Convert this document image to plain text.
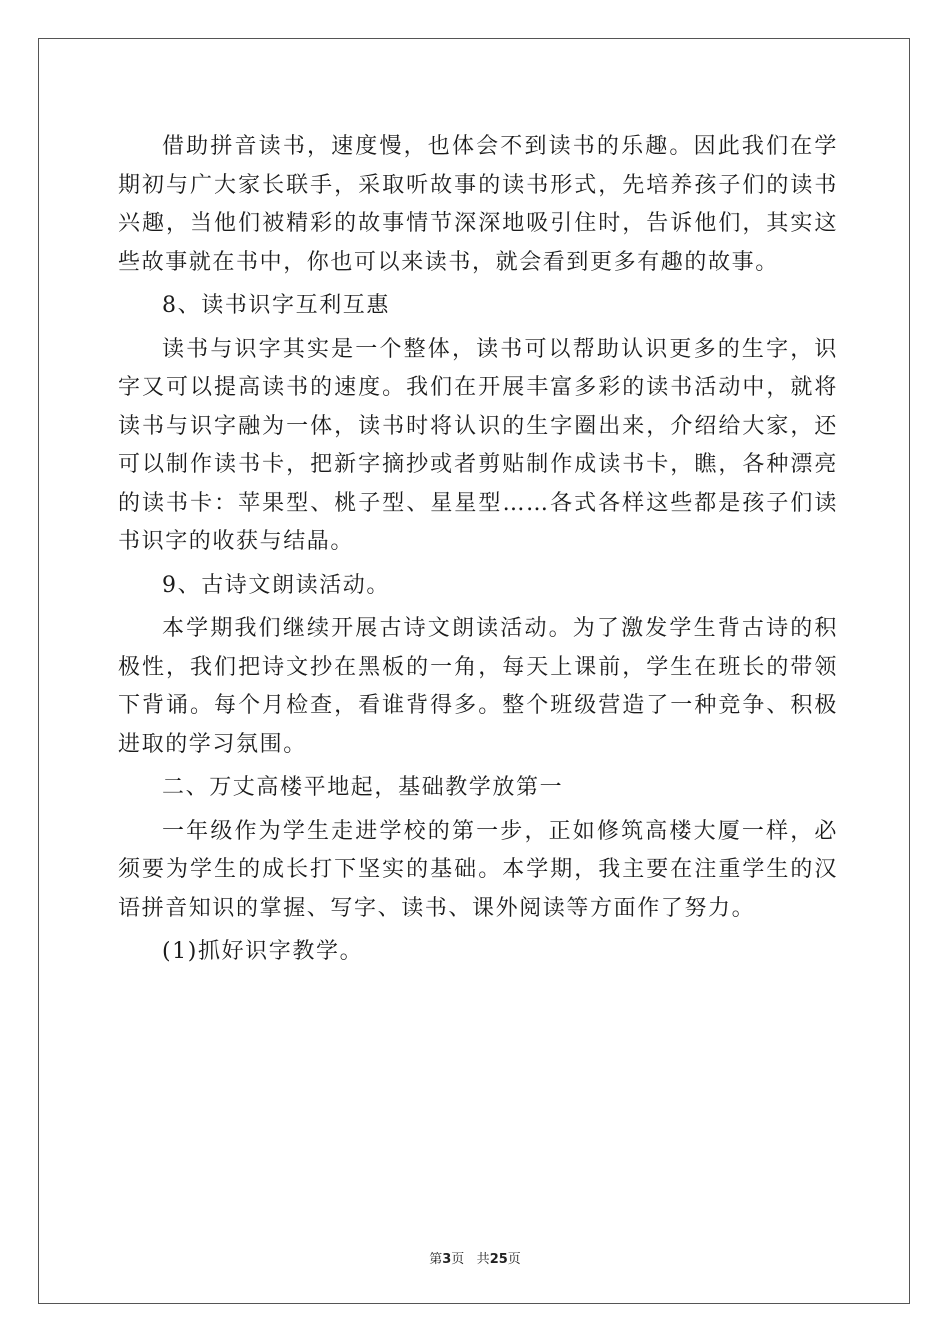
借助拼音读书，速度慢，也体会不到读书的乐趣。因此我们在学期初与广大家长联手，采取听故事的读书形式，先培养孩子们的读书兴趣，当他们被精彩的故事情节深深地吸引住时，告诉他们，其实这些故事就在书中，你也可以来读书，就会看到更多有趣的故事。

8、读书识字互利互惠

读书与识字其实是一个整体，读书可以帮助认识更多的生字，识字又可以提高读书的速度。我们在开展丰富多彩的读书活动中，就将读书与识字融为一体，读书时将认识的生字圈出来，介绍给大家，还可以制作读书卡，把新字摘抄或者剪贴制作成读书卡，瞧，各种漂亮的读书卡：苹果型、桃子型、星星型……各式各样这些都是孩子们读书识字的收获与结晶。

9、古诗文朗读活动。

本学期我们继续开展古诗文朗读活动。为了激发学生背古诗的积极性，我们把诗文抄在黑板的一角，每天上课前，学生在班长的带领下背诵。每个月检查，看谁背得多。整个班级营造了一种竞争、积极进取的学习氛围。

二、万丈高楼平地起，基础教学放第一

一年级作为学生走进学校的第一步，正如修筑高楼大厦一样，必须要为学生的成长打下坚实的基础。本学期，我主要在注重学生的汉语拼音知识的掌握、写字、读书、课外阅读等方面作了努力。

(1)抓好识字教学。

第3页 共25页
